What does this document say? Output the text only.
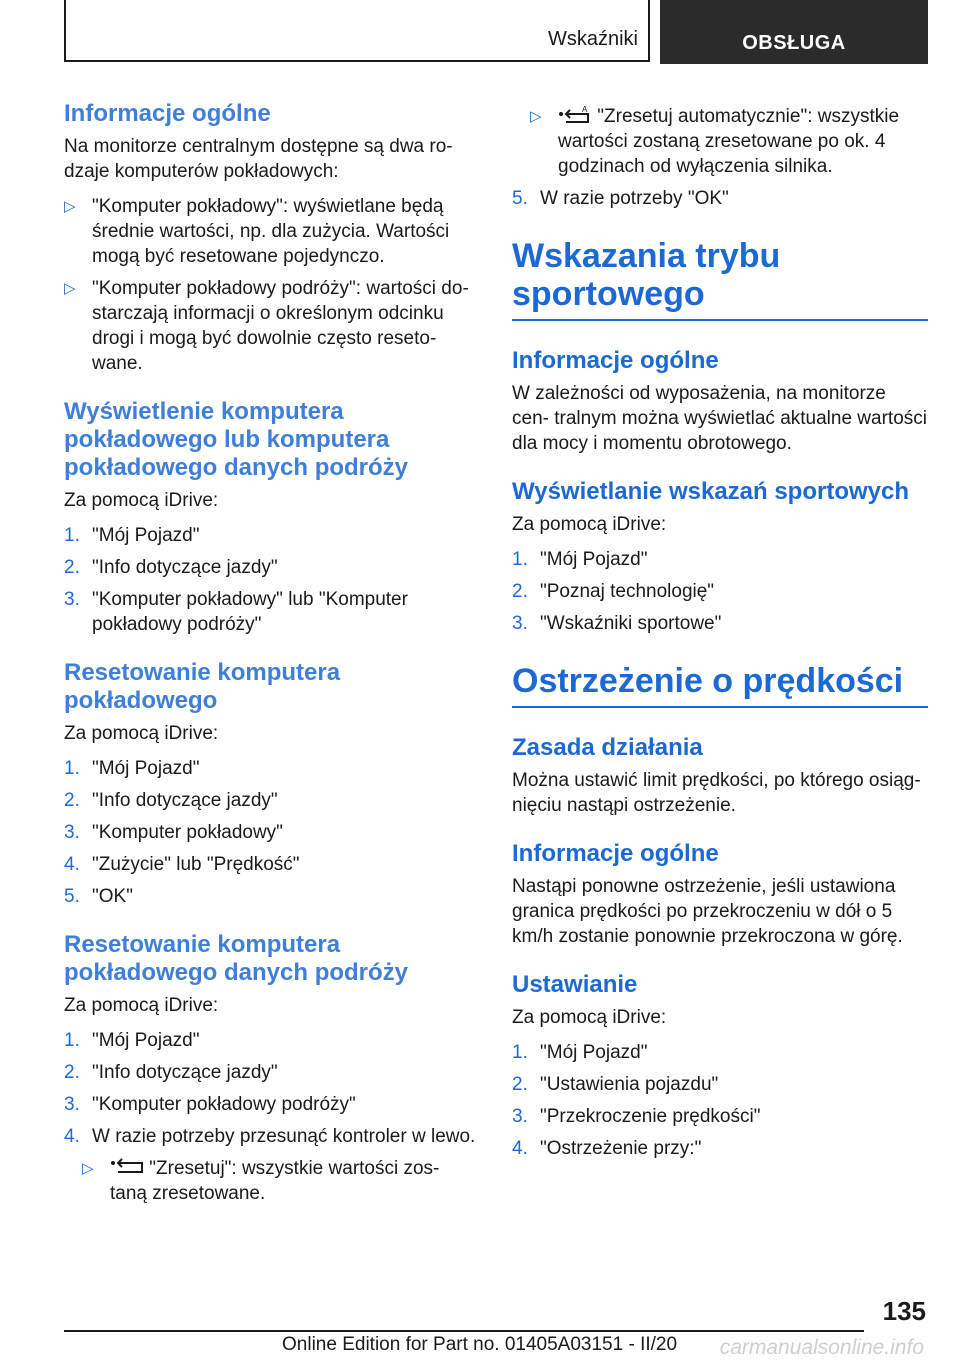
Wskaźniki	OBSŁUGA
Informacje ogólne

Na monitorze centralnym dostępne są dwa ro- dzaje komputerów pokładowych:

▷ "Komputer pokładowy": wyświetlane będą średnie wartości, np. dla zużycia. Wartości mogą być resetowane pojedynczo.
▷ "Komputer pokładowy podróży": wartości do- starczają informacji o określonym odcinku drogi i mogą być dowolnie często reseto- wane.
Wyświetlenie komputera pokładowego lub komputera pokładowego danych podróży

Za pomocą iDrive:

1. "Mój Pojazd"
2. "Info dotyczące jazdy"
3. "Komputer pokładowy" lub "Komputer pokładowy podróży"
Resetowanie komputera pokładowego

Za pomocą iDrive:

1. "Mój Pojazd"
2. "Info dotyczące jazdy"
3. "Komputer pokładowy"
4. "Zużycie" lub "Prędkość"
5. "OK"
Resetowanie komputera pokładowego danych podróży

Za pomocą iDrive:

1. "Mój Pojazd"
2. "Info dotyczące jazdy"
3. "Komputer pokładowy podróży"
4. W razie potrzeby przesunąć kontroler w lewo.
▷	"Zresetuj": wszystkie wartości zos- taną zresetowane.
▷	A "Zresetuj automatycznie": wszystkie wartości zostaną zresetowane po ok. 4 godzinach od wyłączenia silnika.
5. W razie potrzeby "OK"
Wskazania trybu sportowego
Informacje ogólne

W zależności od wyposażenia, na monitorze cen- tralnym można wyświetlać aktualne wartości dla mocy i momentu obrotowego.

Wyświetlanie wskazań sportowych

Za pomocą iDrive:

1. "Mój Pojazd"
2. "Poznaj technologię"
3. "Wskaźniki sportowe"
Ostrzeżenie o prędkości
Zasada działania

Można ustawić limit prędkości, po którego osiąg- nięciu nastąpi ostrzeżenie.

Informacje ogólne

Nastąpi ponowne ostrzeżenie, jeśli ustawiona granica prędkości po przekroczeniu w dół o 5 km/h zostanie ponownie przekroczona w górę.

Ustawianie

Za pomocą iDrive:

1. "Mój Pojazd"
2. "Ustawienia pojazdu"
3. "Przekroczenie prędkości"
4. "Ostrzeżenie przy:"
135
Online Edition for Part no. 01405A03151 - II/20 carmanualsonline.info
